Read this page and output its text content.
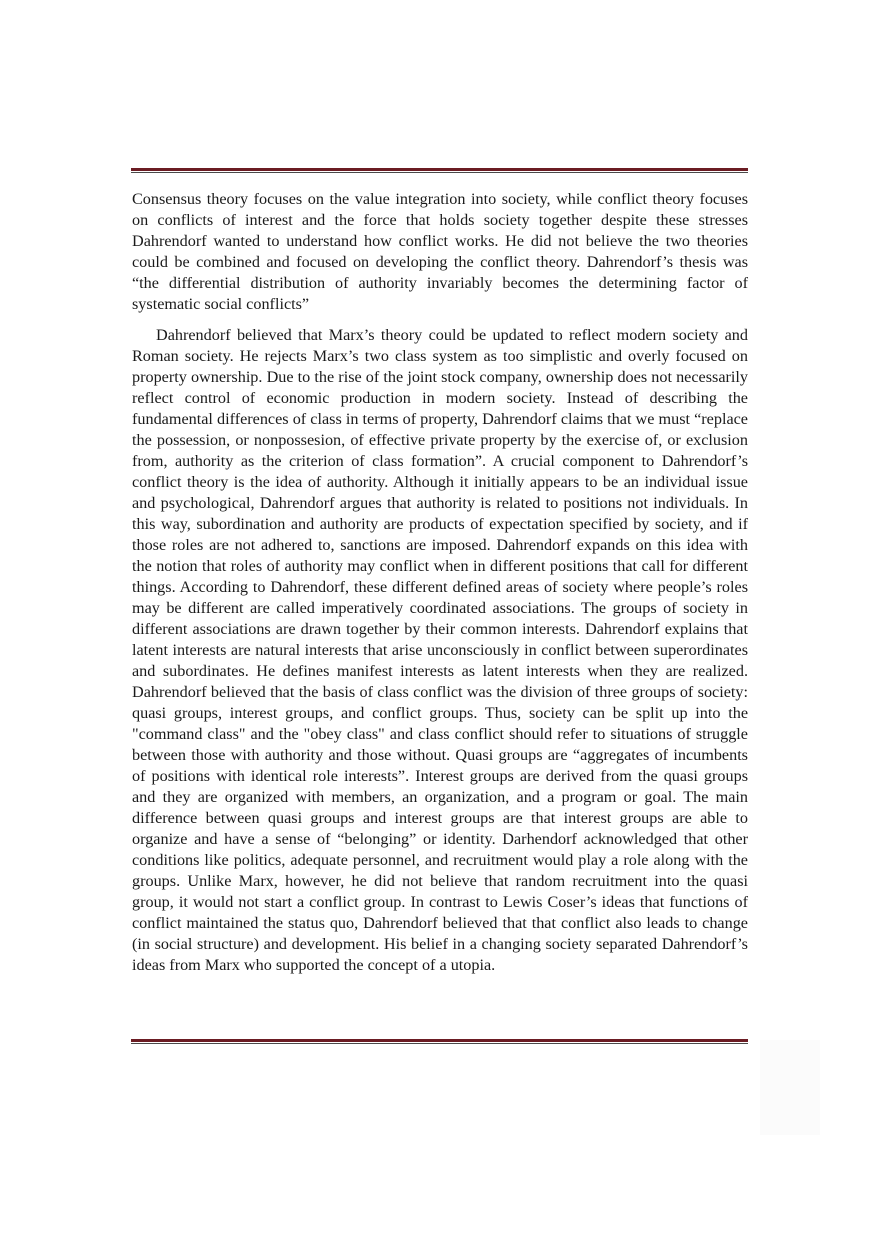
Consensus theory focuses on the value integration into society, while conflict theory focuses on conflicts of interest and the force that holds society together despite these stresses Dahrendorf wanted to understand how conflict works. He did not believe the two theories could be combined and focused on developing the conflict theory. Dahrendorf’s thesis was “the differential distribution of authority invariably becomes the determining factor of systematic social conflicts”

Dahrendorf believed that Marx’s theory could be updated to reflect modern society and Roman society. He rejects Marx’s two class system as too simplistic and overly focused on property ownership. Due to the rise of the joint stock company, ownership does not necessarily reflect control of economic production in modern society. Instead of describing the fundamental differences of class in terms of property, Dahrendorf claims that we must “replace the possession, or nonpossesion, of effective private property by the exercise of, or exclusion from, authority as the criterion of class formation”. A crucial component to Dahrendorf’s conflict theory is the idea of authority. Although it initially appears to be an individual issue and psychological, Dahrendorf argues that authority is related to positions not individuals. In this way, subordination and authority are products of expectation specified by society, and if those roles are not adhered to, sanctions are imposed. Dahrendorf expands on this idea with the notion that roles of authority may conflict when in different positions that call for different things. According to Dahrendorf, these different defined areas of society where people’s roles may be different are called imperatively coordinated associations. The groups of society in different associations are drawn together by their common interests. Dahrendorf explains that latent interests are natural interests that arise unconsciously in conflict between superordinates and subordinates. He defines manifest interests as latent interests when they are realized. Dahrendorf believed that the basis of class conflict was the division of three groups of society: quasi groups, interest groups, and conflict groups. Thus, society can be split up into the "command class" and the "obey class" and class conflict should refer to situations of struggle between those with authority and those without. Quasi groups are “aggregates of incumbents of positions with identical role interests”. Interest groups are derived from the quasi groups and they are organized with members, an organization, and a program or goal. The main difference between quasi groups and interest groups are that interest groups are able to organize and have a sense of “belonging” or identity. Darhendorf acknowledged that other conditions like politics, adequate personnel, and recruitment would play a role along with the groups. Unlike Marx, however, he did not believe that random recruitment into the quasi group, it would not start a conflict group. In contrast to Lewis Coser’s ideas that functions of conflict maintained the status quo, Dahrendorf believed that that conflict also leads to change (in social structure) and development. His belief in a changing society separated Dahrendorf’s ideas from Marx who supported the concept of a utopia.
